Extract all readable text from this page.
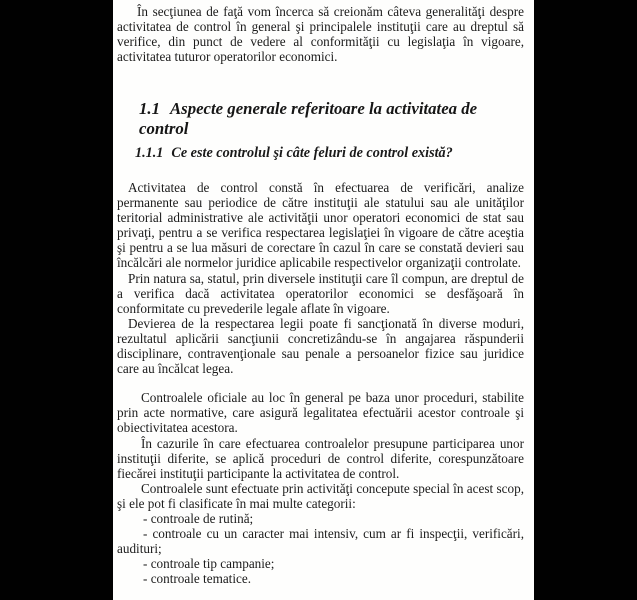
În secţiunea de faţă vom încerca să creionăm câteva generalităţi despre activitatea de control în general şi principalele instituţii care au dreptul să verifice, din punct de vedere al conformităţii cu legislaţia în vigoare, activitatea tuturor operatorilor economici.

1.1 Aspecte generale referitoare la activitatea de control
1.1.1 Ce este controlul şi câte feluri de control există?

Activitatea de control constă în efectuarea de verificări, analize permanente sau periodice de către instituţii ale statului sau ale unităţilor teritorial administrative ale activităţii unor operatori economici de stat sau privaţi, pentru a se verifica respectarea legislaţiei în vigoare de către aceştia şi pentru a se lua măsuri de corectare în cazul în care se constată devieri sau încălcări ale normelor juridice aplicabile respectivelor organizaţii controlate.

Prin natura sa, statul, prin diversele instituţii care îl compun, are dreptul de a verifica dacă activitatea operatorilor economici se desfăşoară în conformitate cu prevederile legale aflate în vigoare.

Devierea de la respectarea legii poate fi sancţionată în diverse moduri, rezultatul aplicării sancţiunii concretizându-se în angajarea răspunderii disciplinare, contravenţionale sau penale a persoanelor fizice sau juridice care au încălcat legea.

Controalele oficiale au loc în general pe baza unor proceduri, stabilite prin acte normative, care asigură legalitatea efectuării acestor controale şi obiectivitatea acestora.

În cazurile în care efectuarea controalelor presupune participarea unor instituţii diferite, se aplică proceduri de control diferite, corespunzătoare fiecărei instituţii participante la activitatea de control.

Controalele sunt efectuate prin activităţi concepute special în acest scop, şi ele pot fi clasificate în mai multe categorii:

- controale de rutină;

- controale cu un caracter mai intensiv, cum ar fi inspecţii, verificări, audituri;

- controale tip campanie;

- controale tematice.
